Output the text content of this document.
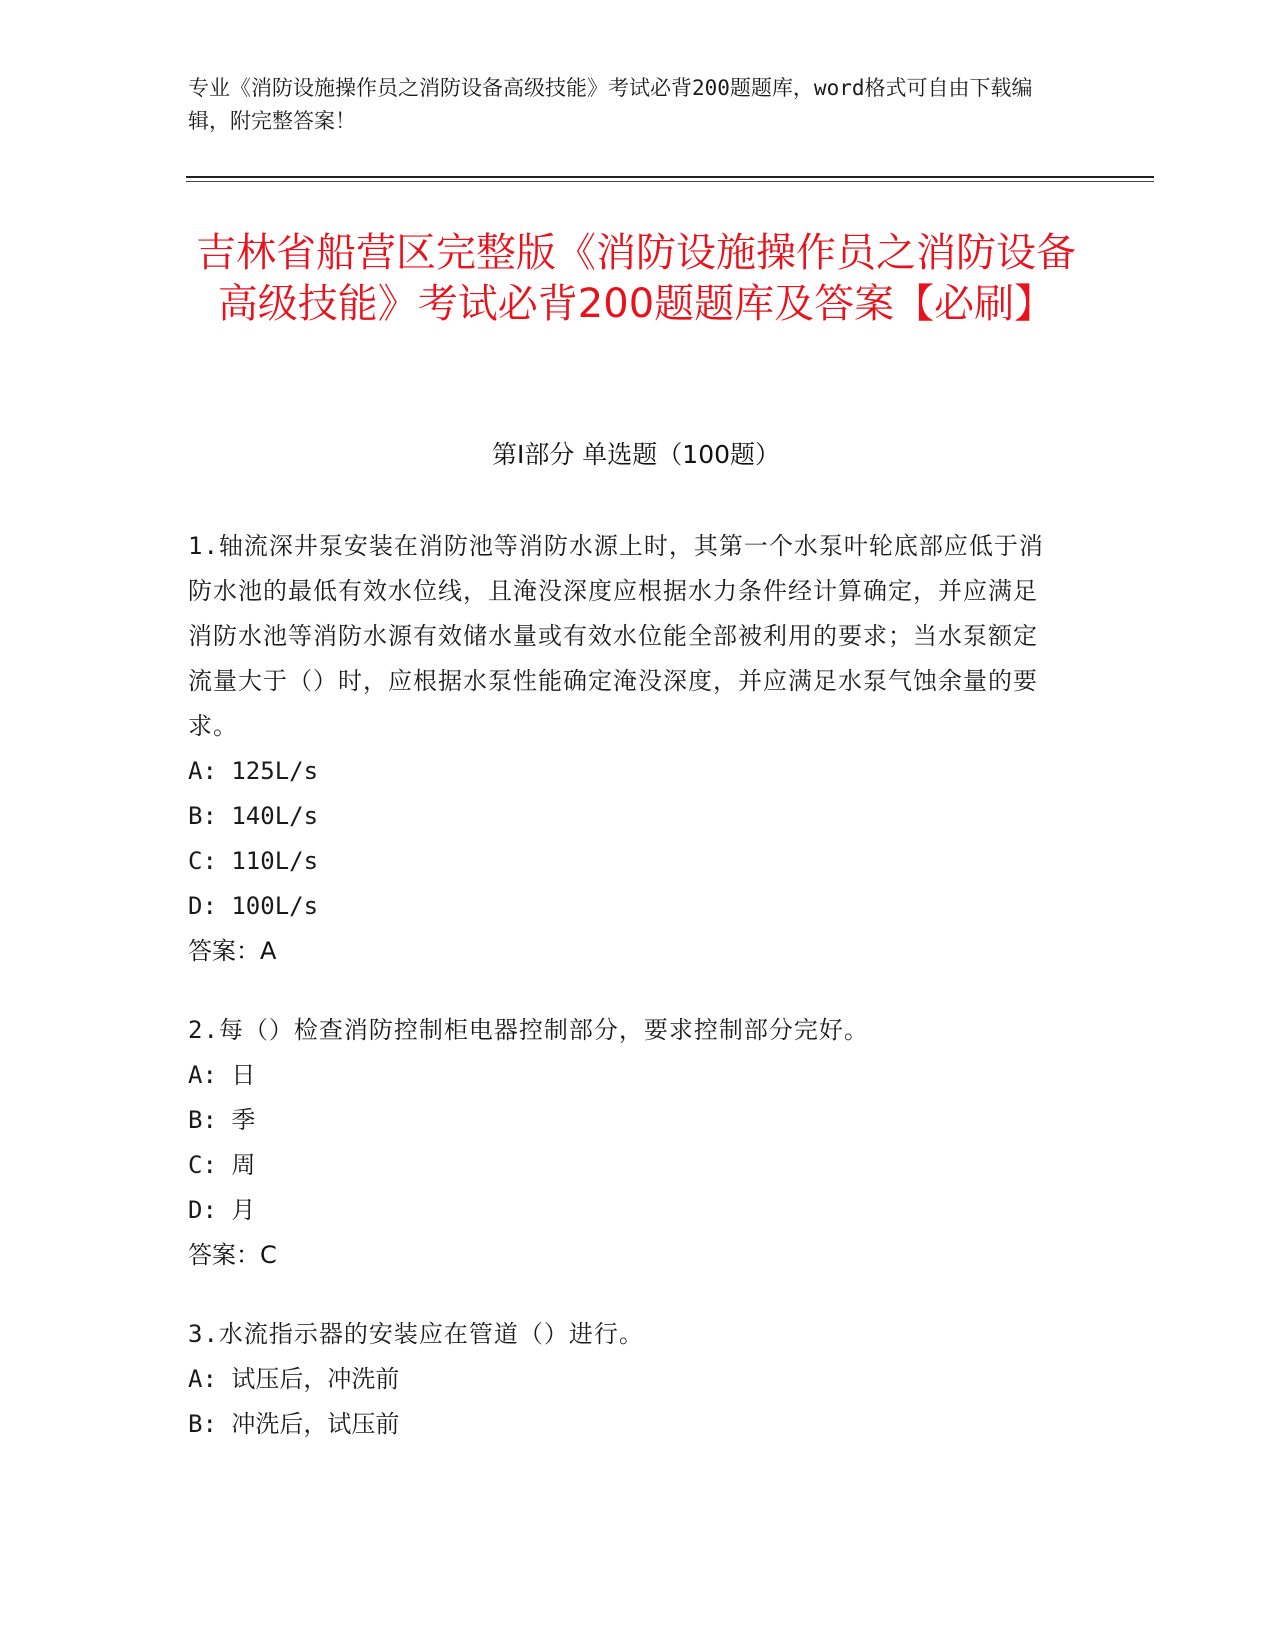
专业《消防设施操作员之消防设备高级技能》考试必背200题题库，word格式可自由下载编辑，附完整答案！
吉林省船营区完整版《消防设施操作员之消防设备高级技能》考试必背200题题库及答案【必刷】
第I部分 单选题（100题）

1.轴流深井泵安装在消防池等消防水源上时，其第一个水泵叶轮底部应低于消防水池的最低有效水位线，且淹没深度应根据水力条件经计算确定，并应满足消防水池等消防水源有效储水量或有效水位能全部被利用的要求；当水泵额定流量大于（）时，应根据水泵性能确定淹没深度，并应满足水泵气蚀余量的要求。

A: 125L/s

B: 140L/s

C: 110L/s

D: 100L/s

答案：A

2.每（）检查消防控制柜电器控制部分，要求控制部分完好。

A: 日

B: 季

C: 周

D: 月

答案：C

3.水流指示器的安装应在管道（）进行。

A: 试压后，冲洗前

B: 冲洗后，试压前
